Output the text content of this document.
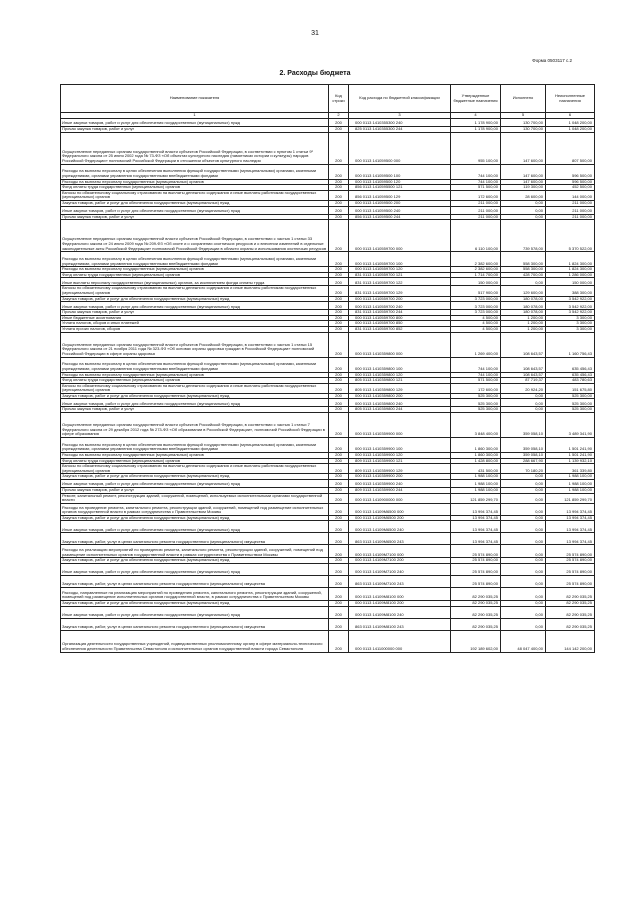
31
Форма 0503117 с.2
2. Расходы бюджета
Наименование показателя	Код строки	Код расхода по бюджетной классификации	Утвержденные бюджетные назначения	Исполнено	Неисполненные назначения
1	2	3	4	5	6
Иные закупки товаров, работ и услуг для обеспечения государственных (муниципальных) нужд	200	000 0113 1410355300 240	1 178 900,00	130 700,00	1 048 200,00
Прочая закупка товаров, работ и услуг	200	825 0113 1410355300 244	1 178 900,00	130 700,00	1 048 200,00
Осуществление переданных органам государственной власти субъектов Российской Федерации, в соответствии с пунктом 1 статьи 9¹ Федерального закона от 25 июня 2002 года № 73-ФЗ «Об объектах культурного наследия (памятниках истории и культуры) народов Российской Федерации» полномочий Российской Федерации в отношении объектов культурного наследия	200	000 0113 141059500 000	955 100,00	147 600,00	807 500,00
Расходы на выплаты персоналу в целях обеспечения выполнения функций государственными (муниципальными) органами, казенными учреждениями, органами управления государственными внебюджетными фондами	200	000 0113 141059500 100	744 100,00	147 600,00	596 500,00
Расходы на выплаты персоналу государственных (муниципальных) органов	200	000 0113 141059500 120	744 100,00	147 600,00	596 500,00
Фонд оплаты труда государственных (муниципальных) органов	200	856 0113 1410595500 121	571 500,00	119 300,00	452 500,00
Взносы по обязательному социальному страхованию на выплаты денежного содержания и иные выплаты работникам государственных (муниципальных) органов	200	856 0113 141059500 129	172 600,00	28 600,00	144 000,00
Закупка товаров, работ и услуг для обеспечения государственных (муниципальных) нужд	200	000 0113 141059500 200	211 000,00	0,00	211 000,00
Иные закупки товаров, работ и услуг для обеспечения государственных (муниципальных) нужд	200	000 0113 141059500 240	211 000,00	0,00	211 000,00
Прочая закупка товаров, работ и услуг	200	856 0113 141059500 244	211 000,00	0,00	211 000,00
Осуществление переданных органам государственной власти субъектов Российской Федерации, в соответствии с частью 1 статьи 33 Федерального закона от 24 июля 2009 года № 209-ФЗ «Об охоте и о сохранении охотничьих ресурсов и о внесении изменений в отдельные законодательные акты Российской Федерации» полномочий Российской Федерации в области охраны и использования охотничьих ресурсов	200	000 0113 1410559700 000	6 110 100,00	739 578,00	5 370 522,00
Расходы на выплаты персоналу в целях обеспечения выполнения функций государственными (муниципальными) органами, казенными учреждениями, органами управления государственными внебюджетными фондами	200	000 0113 1410559700 100	2 382 600,00	558 300,00	1 824 300,00
Расходы на выплаты персоналу государственных (муниципальных) органов	200	000 0113 1410559700 120	2 382 600,00	558 300,00	1 824 300,00
Фонд оплаты труда государственных (муниципальных) органов	200	831 0113 1410559700 121	1 714 700,00	428 700,00	1 286 000,00
Иные выплаты персоналу государственных (муниципальных) органов, за исключением фонда оплаты труда	200	831 0113 1410559700 122	150 000,00	0,00	150 000,00
Взносы по обязательному социальному страхованию на выплаты денежного содержания и иные выплаты работникам государственных (муниципальных) органов	200	831 0113 1410559700 129	517 900,00	129 600,00	388 300,00
Закупка товаров, работ и услуг для обеспечения государственных (муниципальных) нужд	200	000 0113 1410559700 200	3 723 000,00	180 078,00	3 542 922,00
Иные закупки товаров, работ и услуг для обеспечения государственных (муниципальных) нужд	200	000 0113 1410559700 240	3 723 000,00	180 078,00	3 542 922,00
Прочая закупка товаров, работ и услуг	200	831 0113 1410559700 244	3 723 000,00	180 078,00	3 542 922,00
Иные бюджетные ассигнования	200	000 0113 1410559700 800	4 500,00	1 200,00	3 300,00
Уплата налогов, сборов и иных платежей	200	000 0113 1410559700 850	4 500,00	1 200,00	3 300,00
Уплата прочих налогов, сборов	200	831 0113 1410559700 852	4 500,00	1 200,00	3 300,00
Осуществление переданных органам государственной власти субъектов Российской Федерации, в соответствии с частью 1 статьи 15 Федерального закона от 21 ноября 2011 года № 323-ФЗ «Об основах охраны здоровья граждан в Российской Федерации» полномочий Российской Федерации в сфере охраны здоровья	200	000 0113 1410359800 000	1 269 400,00	108 643,57	1 160 756,43
Расходы на выплаты персоналу в целях обеспечения выполнения функций государственными (муниципальными) органами, казенными учреждениями, органами управления государственными внебюджетными фондами	200	000 0113 1410359800 100	744 100,00	108 643,57	635 456,43
Расходы на выплаты персоналу государственных (муниципальных) органов	200	000 0113 1410359800 120	744 100,00	108 643,57	635 456,43
Фонд оплаты труда государственных (муниципальных) органов	200	805 0113 1410359800 121	571 500,00	87 719,37	483 780,63
Взносы по обязательному социальному страхованию на выплаты денежного содержания и иные выплаты работникам государственных (муниципальных) органов	200	805 0113 1410359800 129	172 600,00	20 924,20	151 675,80
Закупка товаров, работ и услуг для обеспечения государственных (муниципальных) нужд	200	000 0113 1410359800 200	525 300,00	0,00	525 300,00
Иные закупки товаров, работ и услуг для обеспечения государственных (муниципальных) нужд	200	000 0113 1410359800 240	525 300,00	0,00	525 300,00
Прочая закупка товаров, работ и услуг	200	805 0113 1410359800 244	525 300,00	0,00	525 300,00
Осуществление переданных органам государственной власти субъектов Российской Федерации, в соответствии с частью 1 статьи 7 Федерального закона от 29 декабря 2012 года № 273-ФЗ «Об образовании в Российской Федерации», полномочий Российской Федерации в сфере образования	200	000 0113 1410359900 000	3 848 400,00	359 058,10	3 489 341,90
Расходы на выплаты персоналу в целях обеспечения выполнения функций государственными (муниципальными) органами, казенными учреждениями, органами управления государственными внебюджетными фондами	200	000 0113 1410359900 100	1 860 300,00	359 058,10	1 501 241,90
Расходы на выплаты персоналу государственных (муниципальных) органов	200	000 0113 1410359900 120	1 860 300,00	359 058,10	1 501 241,90
Фонд оплаты труда государственных (муниципальных) органов	200	809 0113 1410359900 121	1 428 800,00	288 667,90	1 139 932,10
Взносы по обязательному социальному страхованию на выплаты денежного содержания и иные выплаты работникам государственных (муниципальных) органов	200	809 0113 1410359900 129	431 500,00	70 180,20	361 339,80
Закупка товаров, работ и услуг для обеспечения государственных (муниципальных) нужд	200	000 0113 1410359900 200	1 988 100,00	0,00	1 988 100,00
Иные закупки товаров, работ и услуг для обеспечения государственных (муниципальных) нужд	200	000 0113 1410359900 240	1 988 100,00	0,00	1 988 100,00
Прочая закупка товаров, работ и услуг	200	809 0113 1410359900 244	1 988 100,00	0,00	1 988 100,00
Ремонт, капитальный ремонт, реконструкция зданий, сооружений, помещений, используемых исполнительными органами государственной власти	200	000 0113 1410900000 000	121 859 299,70	0,00	121 859 299,70
Расходы на проведение ремонта, капитального ремонта, реконструкции зданий, сооружений, помещений под размещение исполнительных органов государственной власти в рамках сотрудничества с Правительством Москвы	200	000 0113 14109М6500 000	13 994 374,45	0,00	13 994 374,45
Закупка товаров, работ и услуг для обеспечения государственных (муниципальных) нужд	200	000 0113 14109М6500 200	13 994 374,45	0,00	13 994 374,45
Иные закупки товаров, работ и услуг для обеспечения государственных (муниципальных) нужд	200	000 0113 14109М6500 240	13 994 374,45	0,00	13 994 374,45
Закупка товаров, работ, услуг в целях капитального ремонта государственного (муниципального) имущества	200	863 0113 14109М6500 243	13 994 374,45	0,00	13 994 374,45
Расходы на реализацию мероприятий по проведению ремонта, капитального ремонта, реконструкции зданий, сооружений, помещений под размещение исполнительных органов государственной власти в рамках сотрудничества с Правительством Москвы	200	000 0113 14109М7100 000	25 574 890,00	0,00	25 574 890,00
Закупка товаров, работ и услуг для обеспечения государственных (муниципальных) нужд	200	000 0113 14109М7100 200	25 574 890,00	0,00	25 574 890,00
Иные закупки товаров, работ и услуг для обеспечения государственных (муниципальных) нужд	200	000 0113 14109М7100 240	25 574 890,00	0,00	25 574 890,00
Закупка товаров, работ, услуг в целях капитального ремонта государственного (муниципального) имущества	200	863 0113 14109М7100 243	25 574 890,00	0,00	25 574 890,00
Расходы, направленные на реализацию мероприятий по проведению ремонта, капитального ремонта, реконструкции зданий, сооружений, помещений под размещение исполнительных органов государственной власти, в рамках сотрудничества с Правительством Москвы	200	000 0113 14109М8100 000	82 290 035,25	0,00	82 290 035,25
Закупка товаров, работ и услуг для обеспечения государственных (муниципальных) нужд	200	000 0113 14109М8100 200	82 290 035,25	0,00	82 290 035,25
Иные закупки товаров, работ и услуг для обеспечения государственных (муниципальных) нужд	200	000 0113 14109М8100 240	82 290 035,25	0,00	82 290 035,25
Закупка товаров, работ, услуг в целях капитального ремонта государственного (муниципального) имущества	200	863 0113 14109М8100 243	82 290 035,25	0,00	82 290 035,25
Организация деятельности государственных учреждений, подведомственных уполномоченному органу в сфере материально-технического обеспечения деятельности Правительства Севастополя и исполнительных органов государственной власти города Севастополя	200	000 0113 1411000000 000	192 189 602,00	48 047 400,00	144 142 200,00
